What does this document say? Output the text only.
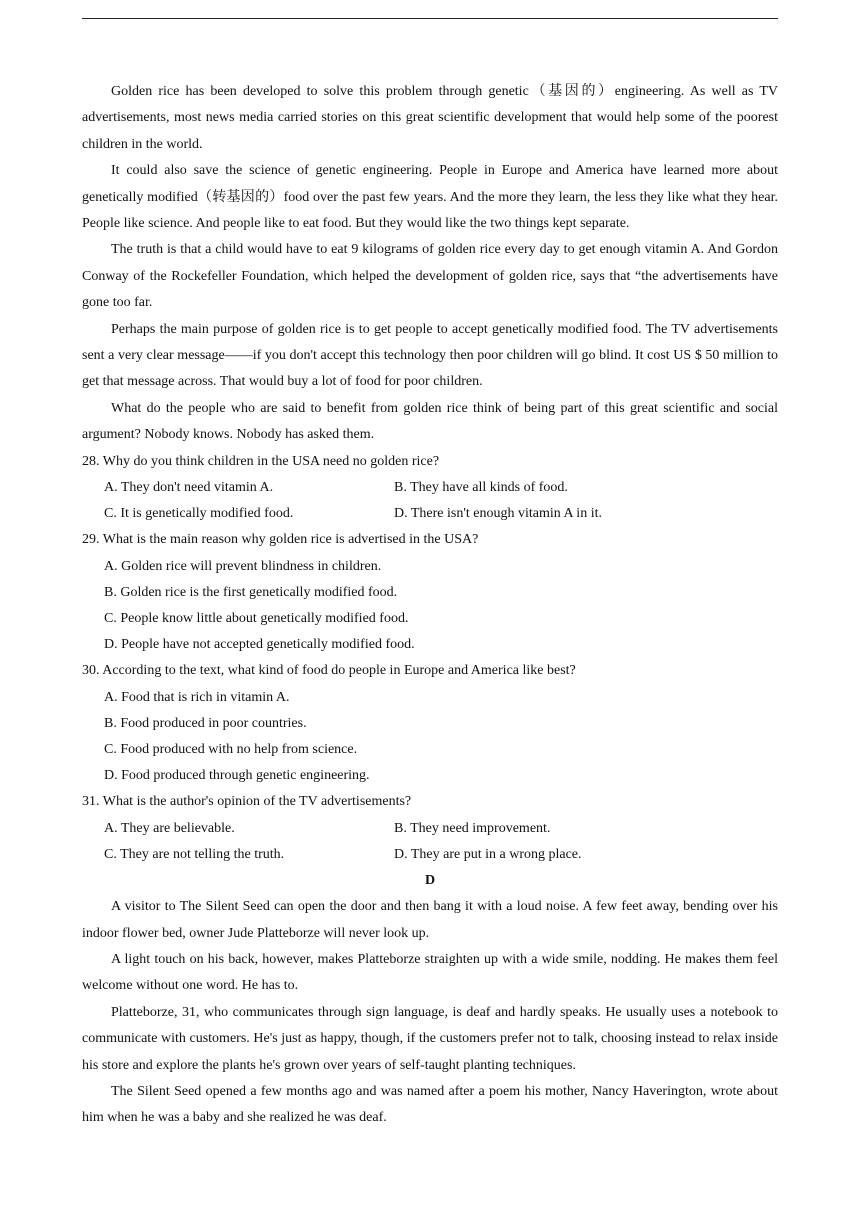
Golden rice has been developed to solve this problem through genetic（基因的）engineering. As well as TV advertisements, most news media carried stories on this great scientific development that would help some of the poorest children in the world.

It could also save the science of genetic engineering. People in Europe and America have learned more about genetically modified（转基因的）food over the past few years. And the more they learn, the less they like what they hear. People like science. And people like to eat food. But they would like the two things kept separate.

The truth is that a child would have to eat 9 kilograms of golden rice every day to get enough vitamin A. And Gordon Conway of the Rockefeller Foundation, which helped the development of golden rice, says that “the advertisements have gone too far.

Perhaps the main purpose of golden rice is to get people to accept genetically modified food. The TV advertisements sent a very clear message——if you don't accept this technology then poor children will go blind. It cost US $ 50 million to get that message across. That would buy a lot of food for poor children.

What do the people who are said to benefit from golden rice think of being part of this great scientific and social argument? Nobody knows. Nobody has asked them.

28. Why do you think children in the USA need no golden rice?

A. They don't need vitamin A.	B. They have all kinds of food.
C. It is genetically modified food.	D. There isn't enough vitamin A in it.

29. What is the main reason why golden rice is advertised in the USA?

A. Golden rice will prevent blindness in children.

B. Golden rice is the first genetically modified food.

C. People know little about genetically modified food.

D. People have not accepted genetically modified food.

30. According to the text, what kind of food do people in Europe and America like best?

A. Food that is rich in vitamin A.

B. Food produced in poor countries.

C. Food produced with no help from science.

D. Food produced through genetic engineering.

31. What is the author's opinion of the TV advertisements?

A. They are believable.	B. They need improvement.
C. They are not telling the truth.	D. They are put in a wrong place.

D

A visitor to The Silent Seed can open the door and then bang it with a loud noise. A few feet away, bending over his indoor flower bed, owner Jude Platteborze will never look up.

A light touch on his back, however, makes Platteborze straighten up with a wide smile, nodding. He makes them feel welcome without one word. He has to.

Platteborze, 31, who communicates through sign language, is deaf and hardly speaks. He usually uses a notebook to communicate with customers. He's just as happy, though, if the customers prefer not to talk, choosing instead to relax inside his store and explore the plants he's grown over years of self-taught planting techniques.

The Silent Seed opened a few months ago and was named after a poem his mother, Nancy Haverington, wrote about him when he was a baby and she realized he was deaf.
